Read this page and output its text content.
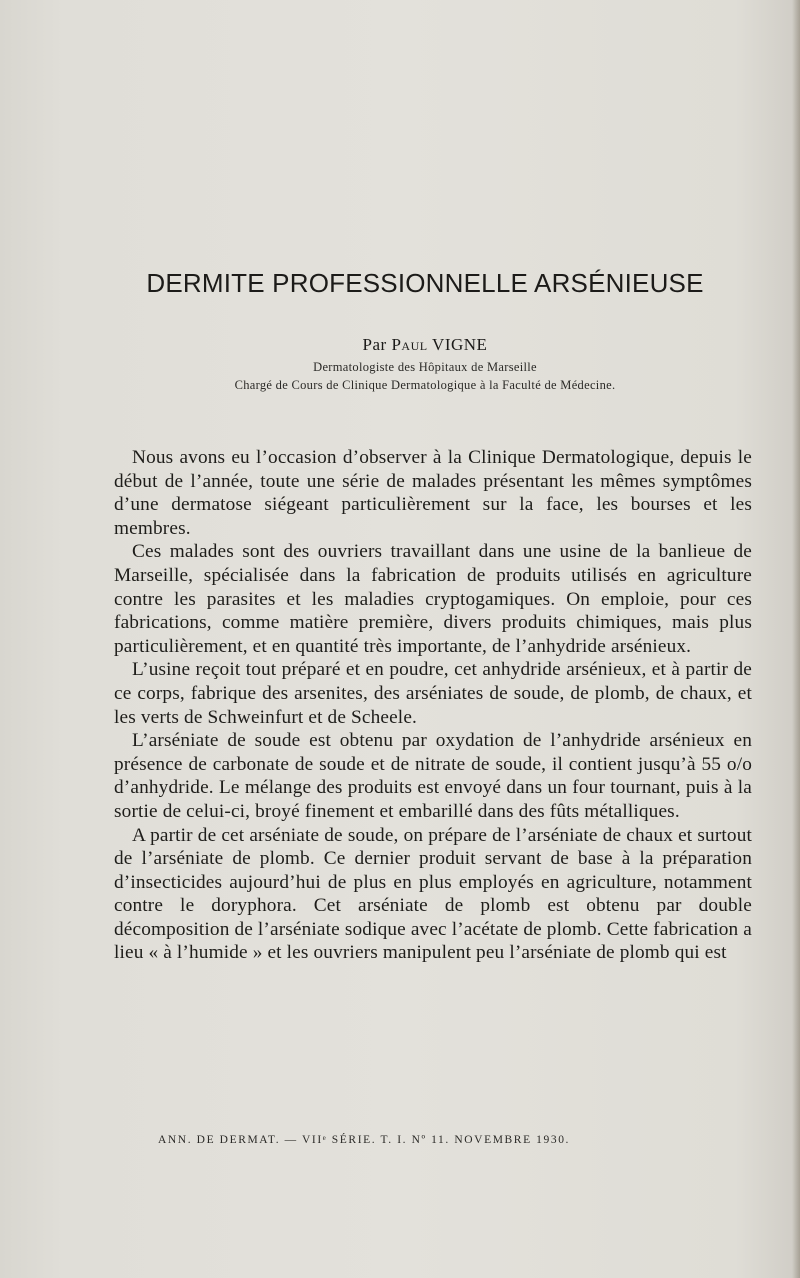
DERMITE PROFESSIONNELLE ARSÉNIEUSE
Par Paul VIGNE
Dermatologiste des Hôpitaux de Marseille
Chargé de Cours de Clinique Dermatologique à la Faculté de Médecine.

Nous avons eu l’occasion d’observer à la Clinique Dermatologique, depuis le début de l’année, toute une série de malades présentant les mêmes symptômes d’une dermatose siégeant particulièrement sur la face, les bourses et les membres.

Ces malades sont des ouvriers travaillant dans une usine de la banlieue de Marseille, spécialisée dans la fabrication de produits utilisés en agriculture contre les parasites et les maladies cryptogamiques. On emploie, pour ces fabrications, comme matière première, divers produits chimiques, mais plus particulièrement, et en quantité très importante, de l’anhydride arsénieux.

L’usine reçoit tout préparé et en poudre, cet anhydride arsénieux, et à partir de ce corps, fabrique des arsenites, des arséniates de soude, de plomb, de chaux, et les verts de Schweinfurt et de Scheele.

L’arséniate de soude est obtenu par oxydation de l’anhydride arsénieux en présence de carbonate de soude et de nitrate de soude, il contient jusqu’à 55 o/o d’anhydride. Le mélange des produits est envoyé dans un four tournant, puis à la sortie de celui-ci, broyé finement et embarillé dans des fûts métalliques.

A partir de cet arséniate de soude, on prépare de l’arséniate de chaux et surtout de l’arséniate de plomb. Ce dernier produit servant de base à la préparation d’insecticides aujourd’hui de plus en plus employés en agriculture, notamment contre le doryphora. Cet arséniate de plomb est obtenu par double décomposition de l’arséniate sodique avec l’acétate de plomb. Cette fabrication a lieu « à l’humide » et les ouvriers manipulent peu l’arséniate de plomb qui est

ANN. DE DERMAT. — VIIᵉ SÉRIE. T. I. Nº 11. NOVEMBRE 1930.
